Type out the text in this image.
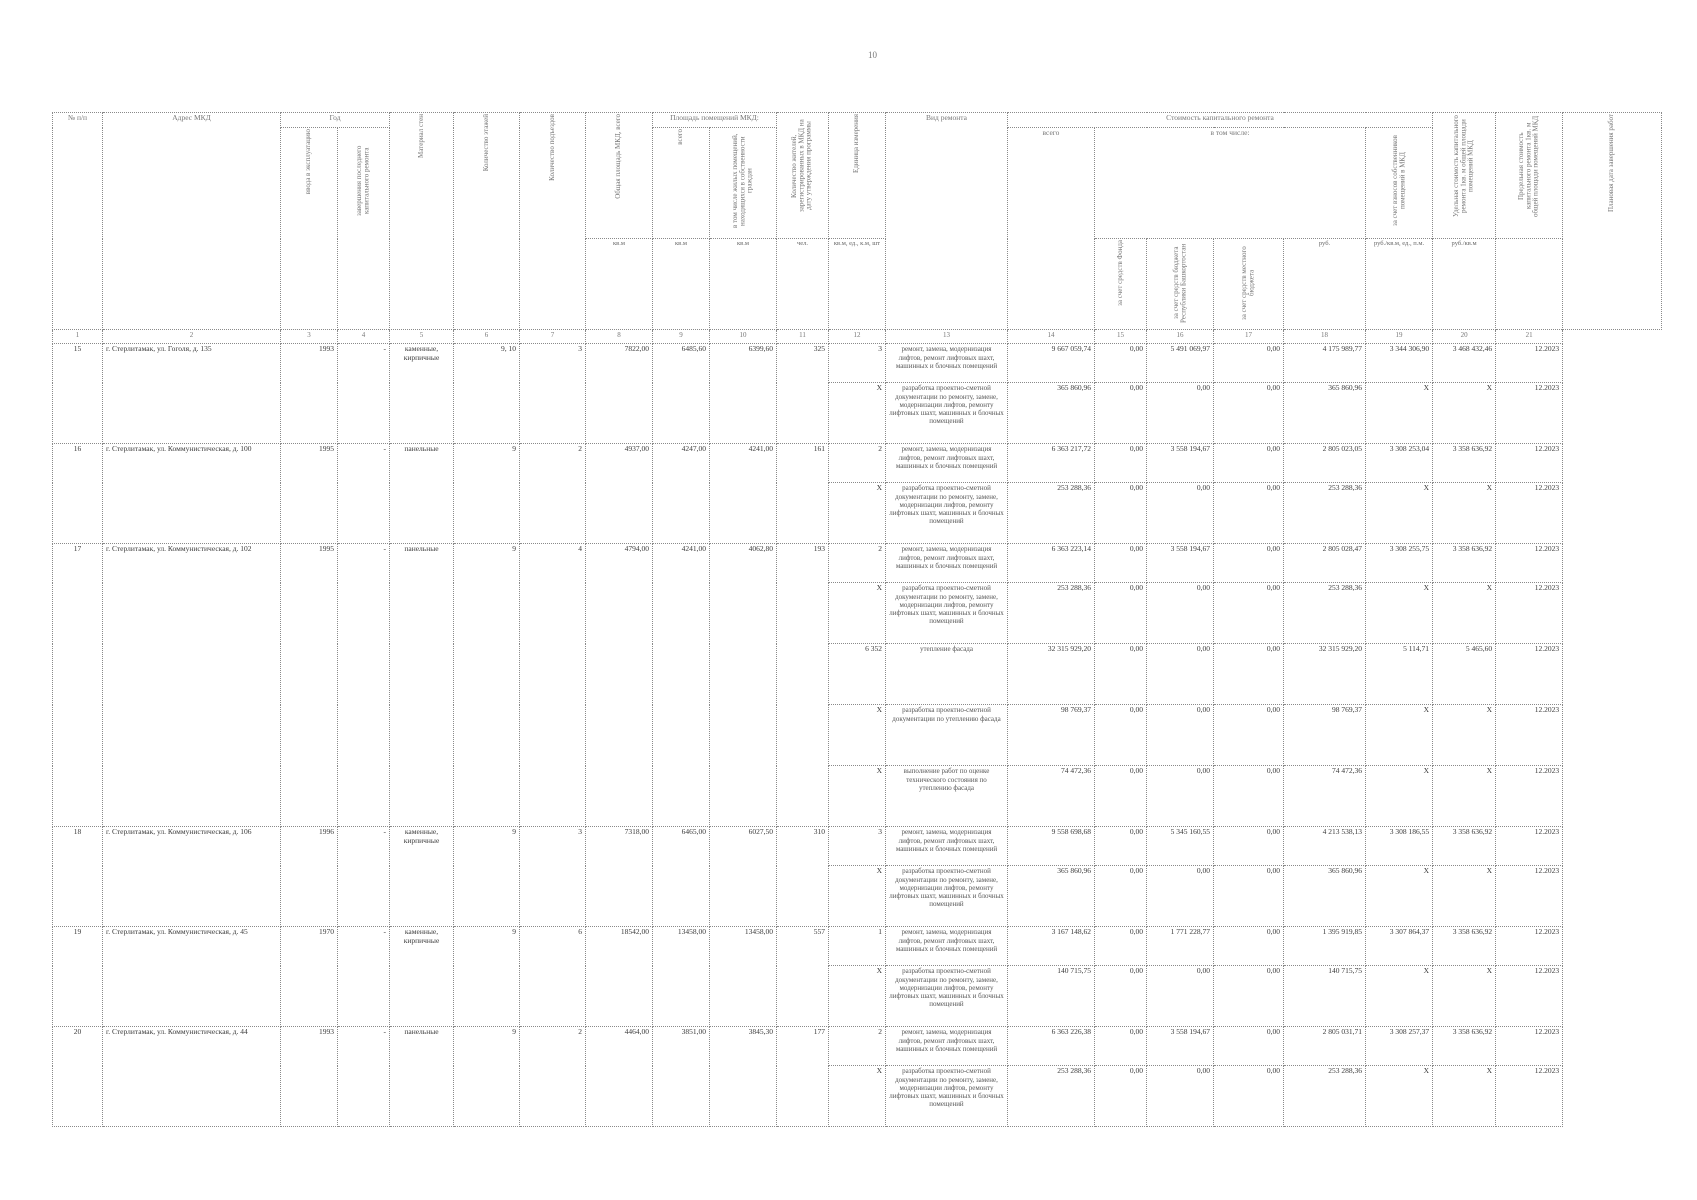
10
№ п/п	Адрес МКД	Год		Материал стен	Количество этажей	Количество подъездов	Общая площадь МКД, всего	Площадь помещений МКД:		Количество жителей, зарегистрированных в МКД на дату утверждения программы	Единица измерения	Вид ремонта	Стоимость капитального ремонта						Удельная стоимость капитального ремонта 1кв. м общей площади помещений МКД	Предельная стоимость капитального ремонта 1кв. м общей площади помещений МКД	Плановая дата завершения работ
		ввода в эксплуатацию	завершения последнего капитального ремонта					всего	в том числе жилых помещений, находящихся в собственности граждан				всего	в том числе:				за счет взносов собственников помещений в МКД			
							кв.м	кв.м	кв.м	чел.	кв.м, ед., к.м, шт			за счет средств Фонда	за счет средств бюджета Республики Башкортостан	за счет средств местного бюджета	руб.	руб./кв.м, ед., п.м.	руб./кв.м		
1	2	3	4	5	6	7	8	9	10	11	12	13	14	15	16	17	18	19	20	21	
15	г. Стерлитамак, ул. Гоголя, д. 135	1993	-	каменные, кирпичные	9, 10	3	7822,00	6485,60	6399,60	325	3	ремонт, замена, модернизация лифтов, ремонт лифтовых шахт, машинных и блочных помещений	9 667 059,74	0,00	5 491 069,97	0,00	4 175 989,77	3 344 306,90	3 468 432,46	12.2023	
											X	разработка проектно-сметной документации по ремонту, замене, модернизации лифтов, ремонту лифтовых шахт, машинных и блочных помещений	365 860,96	0,00	0,00	0,00	365 860,96	X	X	12.2023	
16	г. Стерлитамак, ул. Коммунистическая, д. 100	1995	-	панельные	9	2	4937,00	4247,00	4241,00	161	2	ремонт, замена, модернизация лифтов, ремонт лифтовых шахт, машинных и блочных помещений	6 363 217,72	0,00	3 558 194,67	0,00	2 805 023,05	3 308 253,04	3 358 636,92	12.2023	
											X	разработка проектно-сметной документации по ремонту, замене, модернизации лифтов, ремонту лифтовых шахт, машинных и блочных помещений	253 288,36	0,00	0,00	0,00	253 288,36	X	X	12.2023	
17	г. Стерлитамак, ул. Коммунистическая, д. 102	1995	-	панельные	9	4	4794,00	4241,00	4062,80	193	2	ремонт, замена, модернизация лифтов, ремонт лифтовых шахт, машинных и блочных помещений	6 363 223,14	0,00	3 558 194,67	0,00	2 805 028,47	3 308 255,75	3 358 636,92	12.2023	
											X	разработка проектно-сметной документации по ремонту, замене, модернизации лифтов, ремонту лифтовых шахт, машинных и блочных помещений	253 288,36	0,00	0,00	0,00	253 288,36	X	X	12.2023	
											6 352	утепление фасада	32 315 929,20	0,00	0,00	0,00	32 315 929,20	5 114,71	5 465,60	12.2023	
											X	разработка проектно-сметной документации по утеплению фасада	98 769,37	0,00	0,00	0,00	98 769,37	X	X	12.2023	
											X	выполнение работ по оценке технического состояния по утеплению фасада	74 472,36	0,00	0,00	0,00	74 472,36	X	X	12.2023	
18	г. Стерлитамак, ул. Коммунистическая, д. 106	1996	-	каменные, кирпичные	9	3	7318,00	6465,00	6027,50	310	3	ремонт, замена, модернизация лифтов, ремонт лифтовых шахт, машинных и блочных помещений	9 558 698,68	0,00	5 345 160,55	0,00	4 213 538,13	3 308 186,55	3 358 636,92	12.2023	
											X	разработка проектно-сметной документации по ремонту, замене, модернизации лифтов, ремонту лифтовых шахт, машинных и блочных помещений	365 860,96	0,00	0,00	0,00	365 860,96	X	X	12.2023	
19	г. Стерлитамак, ул. Коммунистическая, д. 45	1970	-	каменные, кирпичные	9	6	18542,00	13458,00	13458,00	557	1	ремонт, замена, модернизация лифтов, ремонт лифтовых шахт, машинных и блочных помещений	3 167 148,62	0,00	1 771 228,77	0,00	1 395 919,85	3 307 864,37	3 358 636,92	12.2023	
											X	разработка проектно-сметной документации по ремонту, замене, модернизации лифтов, ремонту лифтовых шахт, машинных и блочных помещений	140 715,75	0,00	0,00	0,00	140 715,75	X	X	12.2023	
20	г. Стерлитамак, ул. Коммунистическая, д. 44	1993	-	панельные	9	2	4464,00	3851,00	3845,30	177	2	ремонт, замена, модернизация лифтов, ремонт лифтовых шахт, машинных и блочных помещений	6 363 226,38	0,00	3 558 194,67	0,00	2 805 031,71	3 308 257,37	3 358 636,92	12.2023	
											X	разработка проектно-сметной документации по ремонту, замене, модернизации лифтов, ремонту лифтовых шахт, машинных и блочных помещений	253 288,36	0,00	0,00	0,00	253 288,36	X	X	12.2023	
